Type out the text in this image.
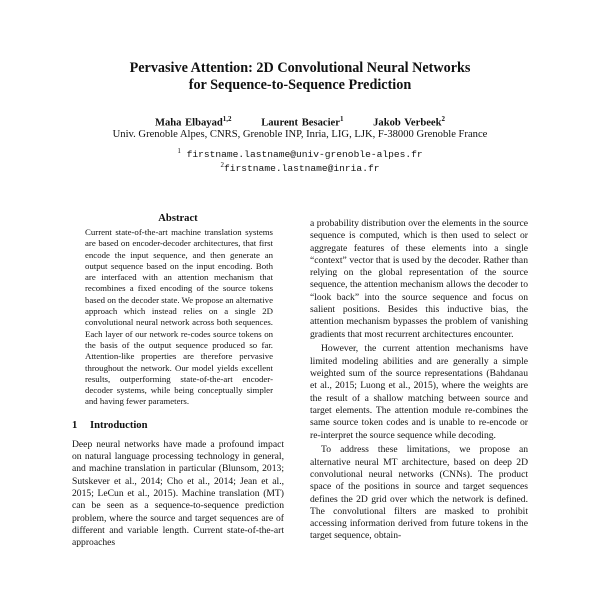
Pervasive Attention: 2D Convolutional Neural Networks
for Sequence-to-Sequence Prediction
Maha Elbayad$^{1,2}$	Laurent Besacier$^1$	Jakob Verbeek$^2$
Univ. Grenoble Alpes, CNRS, Grenoble INP, Inria, LIG, LJK, F-38000 Grenoble France
$^1$ firstname.lastname@univ-grenoble-alpes.fr
$^2$firstname.lastname@inria.fr
Abstract

Current state-of-the-art machine translation systems are based on encoder-decoder architectures, that first encode the input sequence, and then generate an output sequence based on the input encoding. Both are interfaced with an attention mechanism that recombines a fixed encoding of the source tokens based on the decoder state. We propose an alternative approach which instead relies on a single 2D convolutional neural network across both sequences. Each layer of our network re-codes source tokens on the basis of the output sequence produced so far. Attention-like properties are therefore pervasive throughout the network. Our model yields excellent results, outperforming state-of-the-art encoder-decoder systems, while being conceptually simpler and having fewer parameters.

1 Introduction

Deep neural networks have made a profound impact on natural language processing technology in general, and machine translation in particular (Blunsom, 2013; Sutskever et al., 2014; Cho et al., 2014; Jean et al., 2015; LeCun et al., 2015). Machine translation (MT) can be seen as a sequence-to-sequence prediction problem, where the source and target sequences are of different and variable length. Current state-of-the-art approaches

a probability distribution over the elements in the source sequence is computed, which is then used to select or aggregate features of these elements into a single “context” vector that is used by the decoder. Rather than relying on the global representation of the source sequence, the attention mechanism allows the decoder to “look back” into the source sequence and focus on salient positions. Besides this inductive bias, the attention mechanism bypasses the problem of vanishing gradients that most recurrent architectures encounter.

However, the current attention mechanisms have limited modeling abilities and are generally a simple weighted sum of the source representations (Bahdanau et al., 2015; Luong et al., 2015), where the weights are the result of a shallow matching between source and target elements. The attention module re-combines the same source token codes and is unable to re-encode or re-interpret the source sequence while decoding.

To address these limitations, we propose an alternative neural MT architecture, based on deep 2D convolutional neural networks (CNNs). The product space of the positions in source and target sequences defines the 2D grid over which the network is defined. The convolutional filters are masked to prohibit accessing information derived from future tokens in the target sequence, obtain-
